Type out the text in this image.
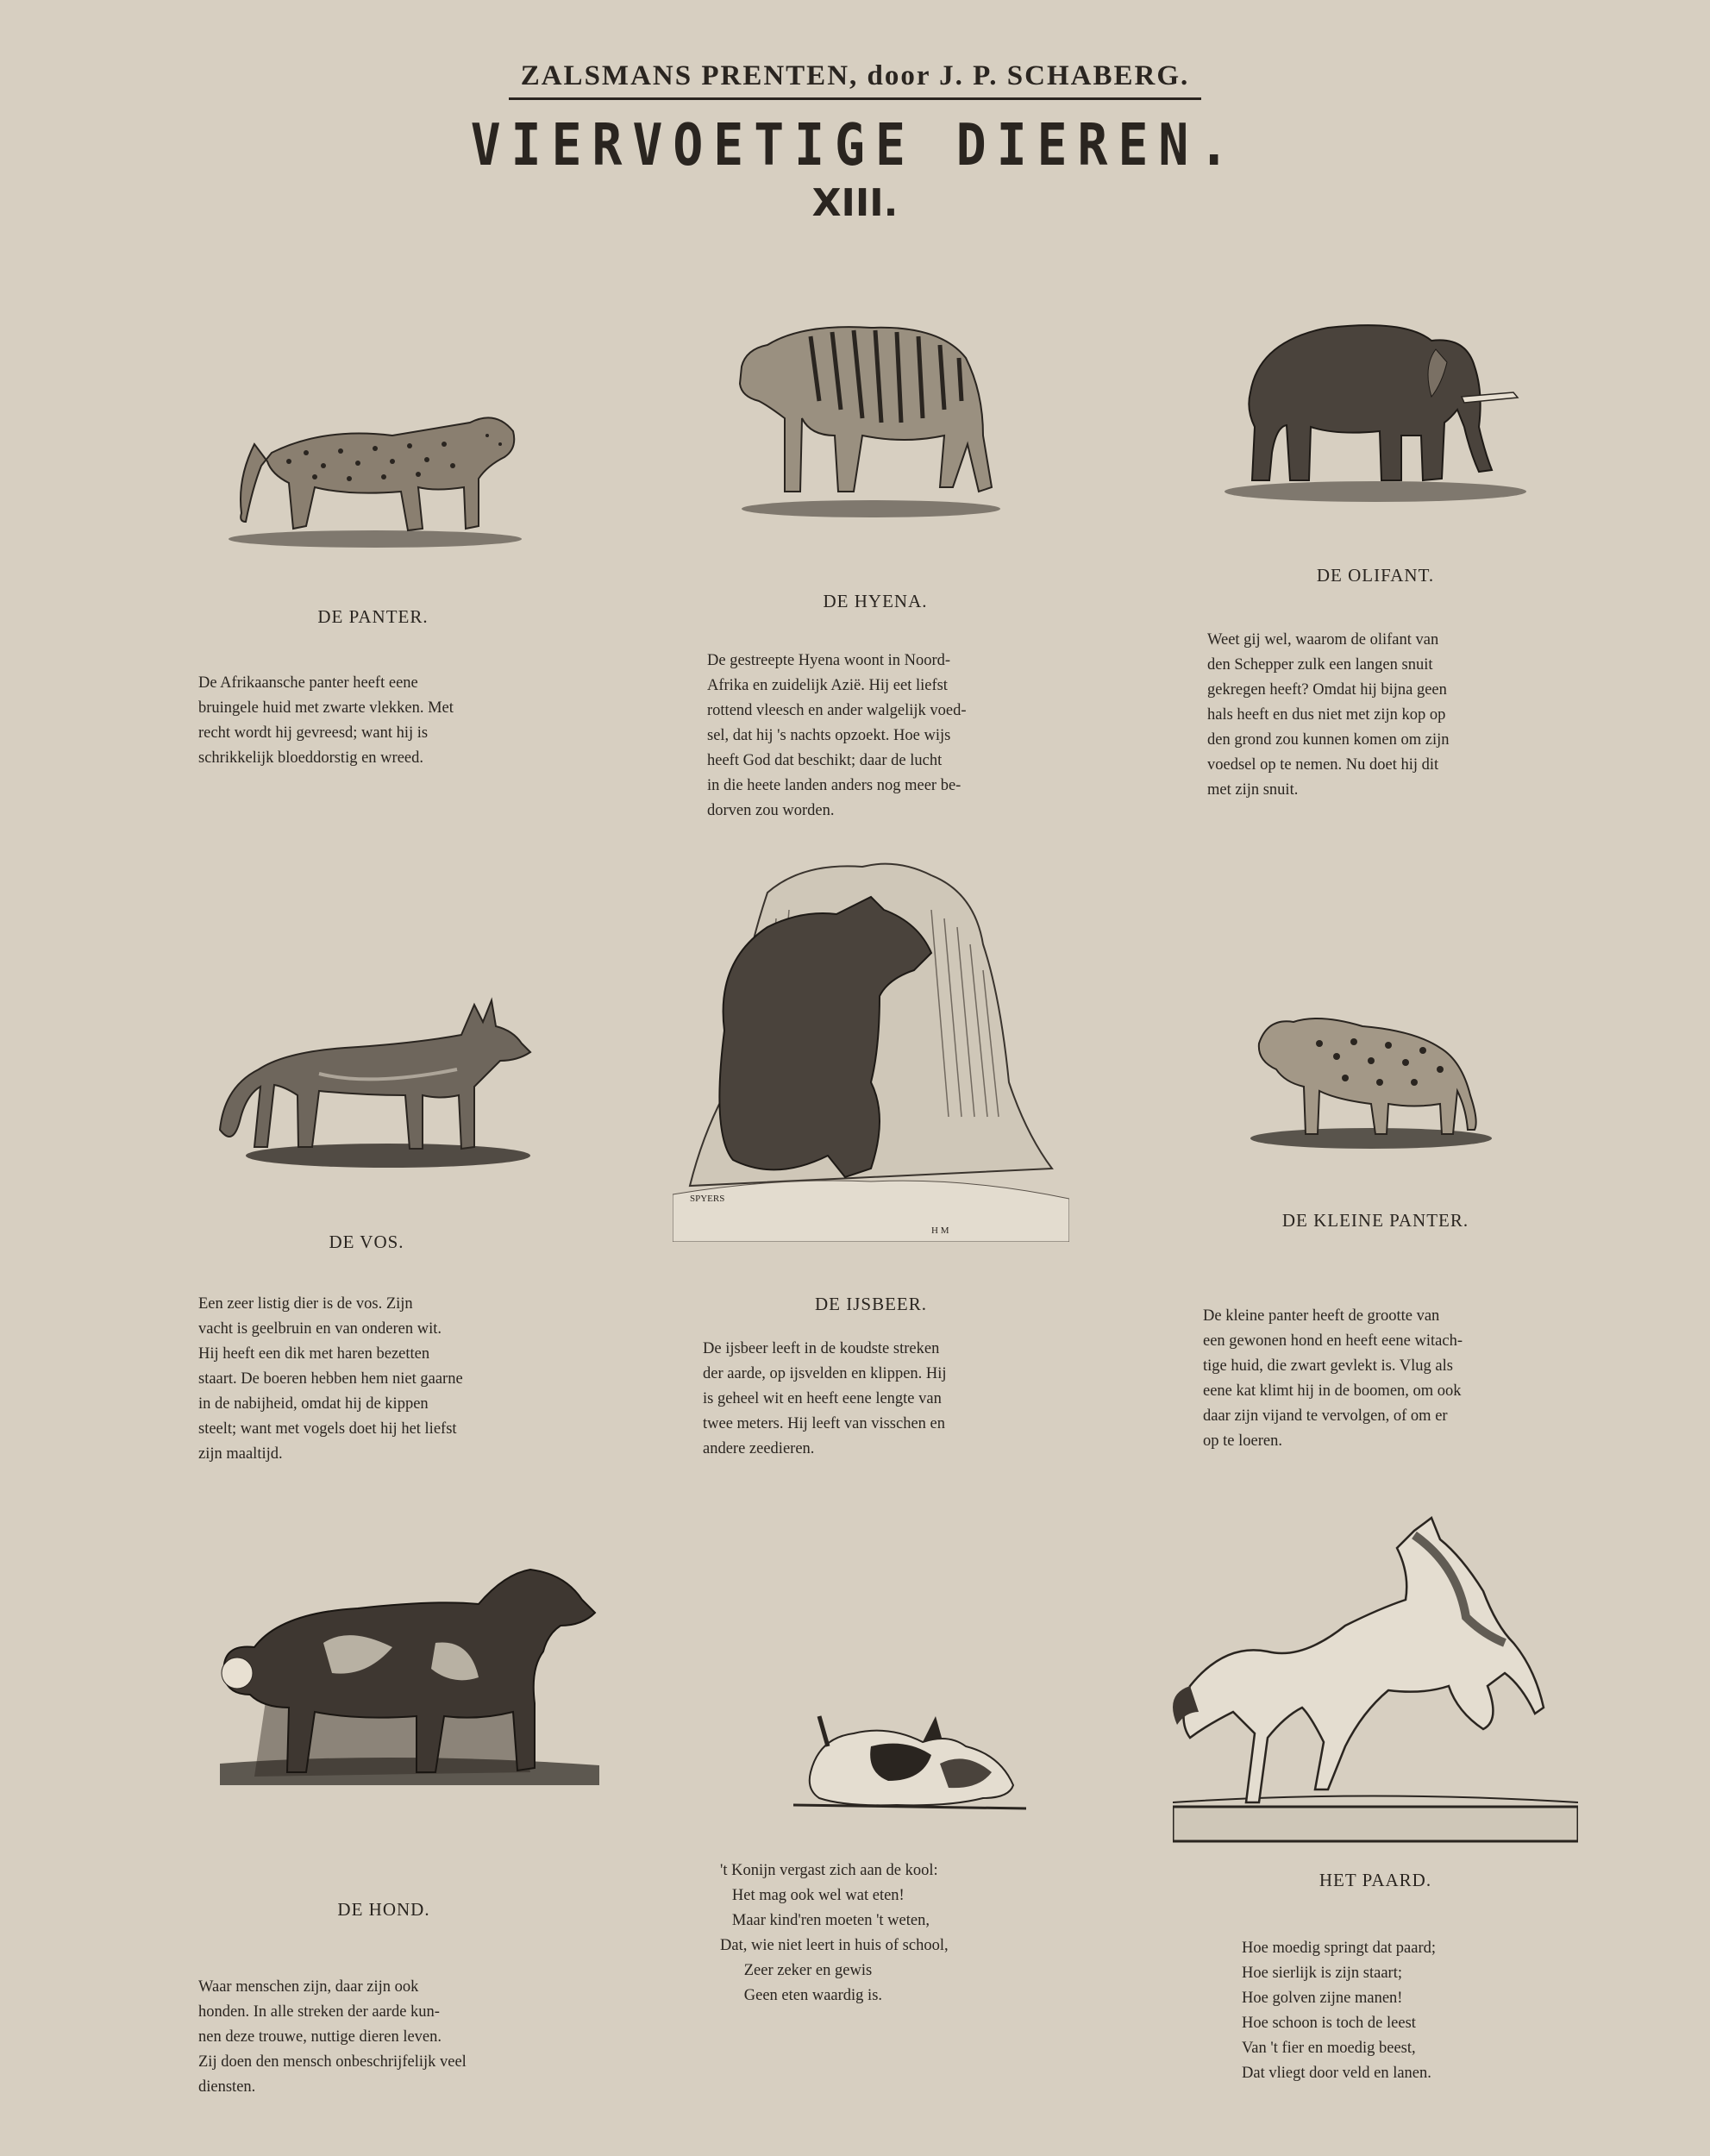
ZALSMANS PRENTEN, door J. P. SCHABERG.
VIERVOETIGE DIEREN.
XIII.
DE PANTER.
De Afrikaansche panter heeft eene
bruingele huid met zwarte vlekken. Met
recht wordt hij gevreesd; want hij is
schrikkelijk bloeddorstig en wreed.
DE HYENA.
De gestreepte Hyena woont in Noord-
Afrika en zuidelijk Azië. Hij eet liefst
rottend vleesch en ander walgelijk voed-
sel, dat hij 's nachts opzoekt. Hoe wijs
heeft God dat beschikt; daar de lucht
in die heete landen anders nog meer be-
dorven zou worden.
DE OLIFANT.
Weet gij wel, waarom de olifant van
den Schepper zulk een langen snuit
gekregen heeft? Omdat hij bijna geen
hals heeft en dus niet met zijn kop op
den grond zou kunnen komen om zijn
voedsel op te nemen. Nu doet hij dit
met zijn snuit.
DE VOS.
Een zeer listig dier is de vos. Zijn
vacht is geelbruin en van onderen wit.
Hij heeft een dik met haren bezetten
staart. De boeren hebben hem niet gaarne
in de nabijheid, omdat hij de kippen
steelt; want met vogels doet hij het liefst
zijn maaltijd.
SPYERS
H M
DE IJSBEER.
De ijsbeer leeft in de koudste streken
der aarde, op ijsvelden en klippen. Hij
is geheel wit en heeft eene lengte van
twee meters. Hij leeft van visschen en
andere zeedieren.
DE KLEINE PANTER.
De kleine panter heeft de grootte van
een gewonen hond en heeft eene witach-
tige huid, die zwart gevlekt is. Vlug als
eene kat klimt hij in de boomen, om ook
daar zijn vijand te vervolgen, of om er
op te loeren.
DE HOND.
Waar menschen zijn, daar zijn ook
honden. In alle streken der aarde kun-
nen deze trouwe, nuttige dieren leven.
Zij doen den mensch onbeschrijfelijk veel
diensten.
't Konijn vergast zich aan de kool:
Het mag ook wel wat eten!
Maar kind'ren moeten 't weten,
Dat, wie niet leert in huis of school,
Zeer zeker en gewis
Geen eten waardig is.
HET PAARD.
Hoe moedig springt dat paard;
Hoe sierlijk is zijn staart;
Hoe golven zijne manen!
Hoe schoon is toch de leest
Van 't fier en moedig beest,
Dat vliegt door veld en lanen.
